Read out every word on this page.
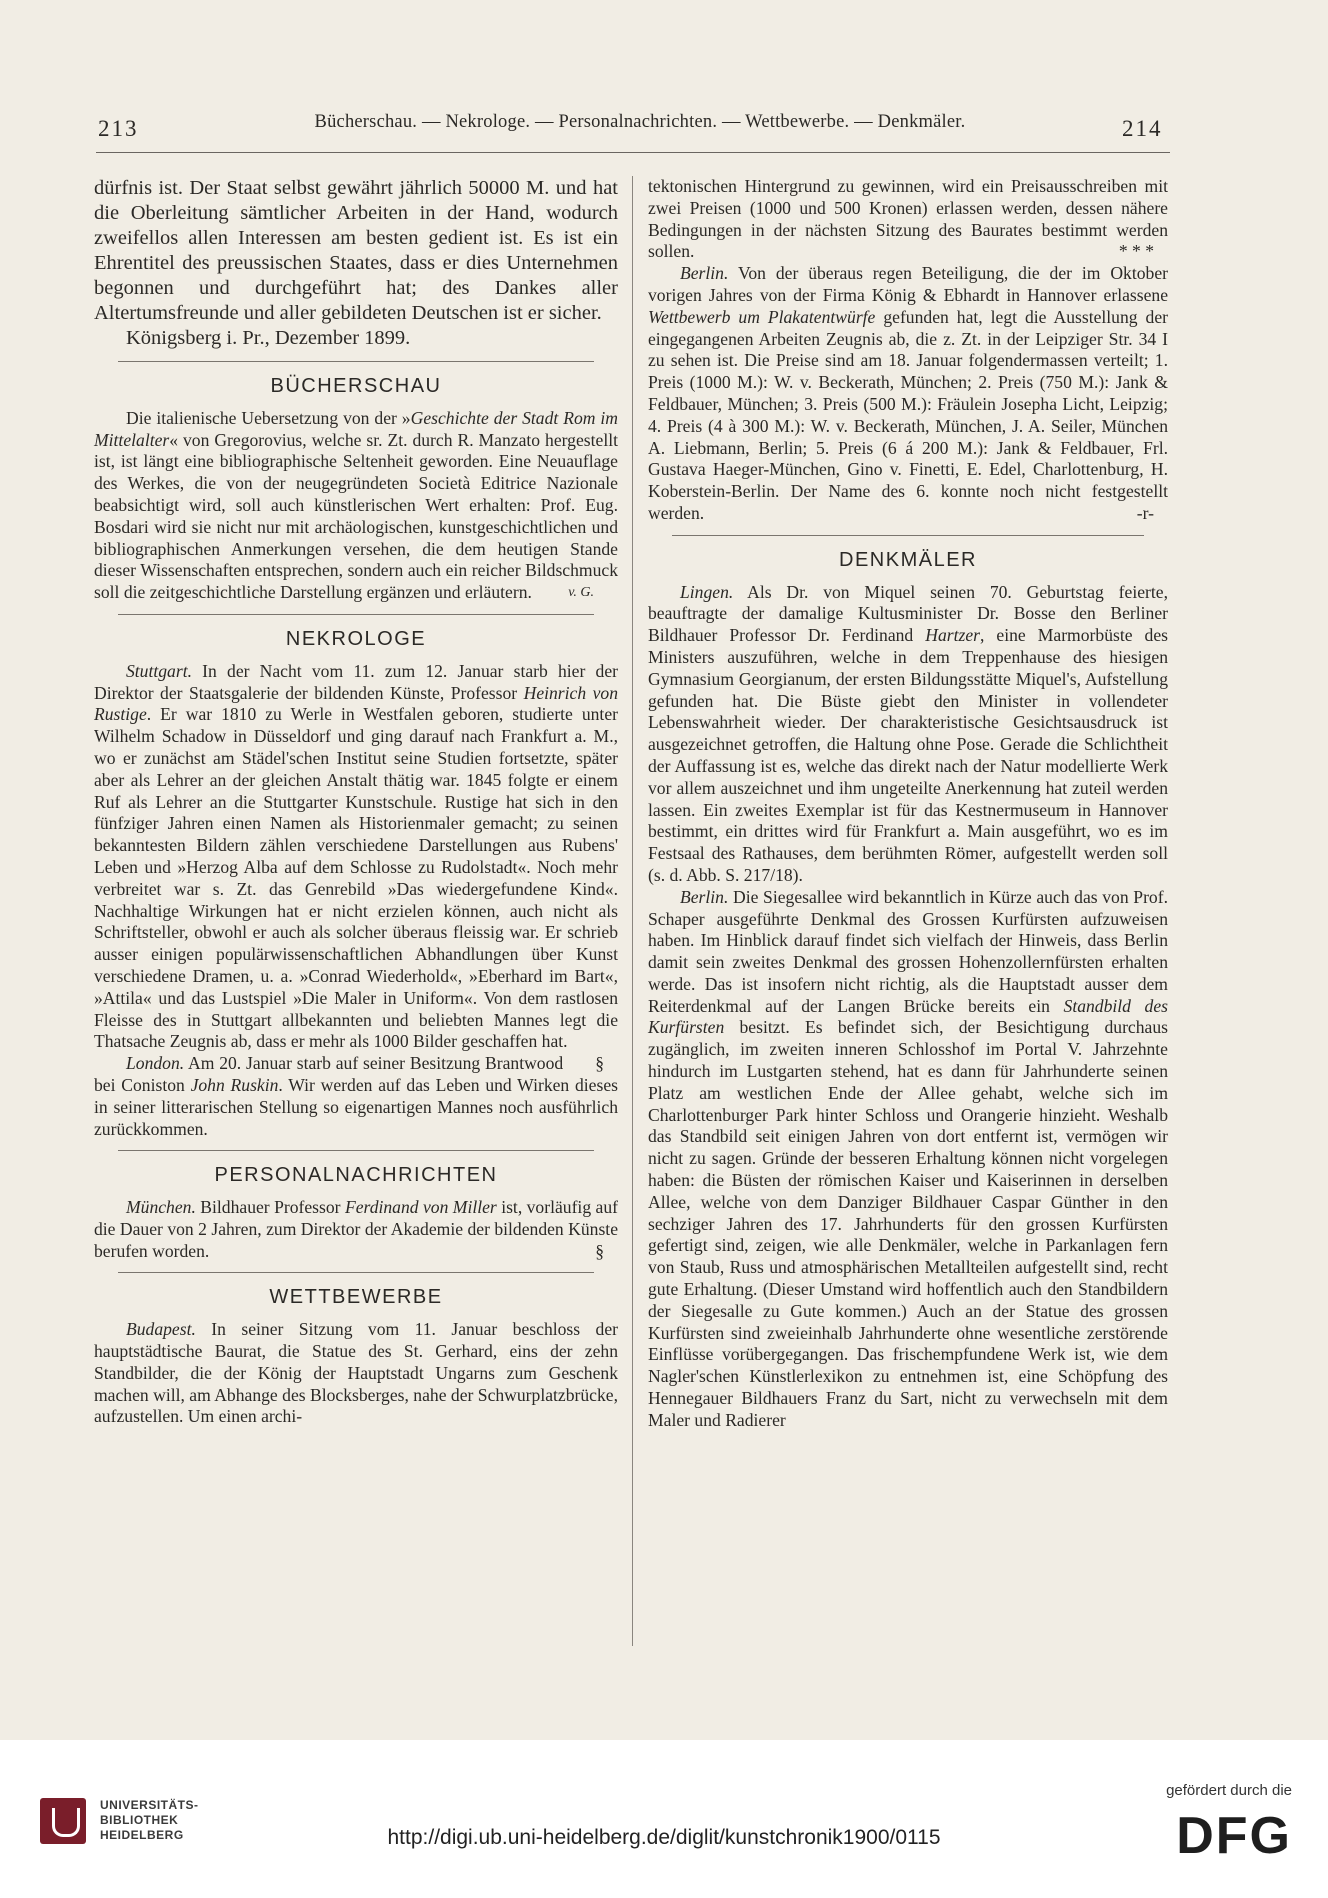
213	Bücherschau. — Nekrologe. — Personalnachrichten. — Wettbewerbe. — Denkmäler.	214

dürfnis ist. Der Staat selbst gewährt jährlich 50000 M. und hat die Oberleitung sämtlicher Arbeiten in der Hand, wodurch zweifellos allen Interessen am besten gedient ist. Es ist ein Ehrentitel des preussischen Staates, dass er dies Unternehmen begonnen und durchgeführt hat; des Dankes aller Altertumsfreunde und aller gebildeten Deutschen ist er sicher.

Königsberg i. Pr., Dezember 1899.

BÜCHERSCHAU

Die italienische Uebersetzung von der »Geschichte der Stadt Rom im Mittelalter« von Gregorovius, welche sr. Zt. durch R. Manzato hergestellt ist, ist längt eine bibliographische Seltenheit geworden. Eine Neuauflage des Werkes, die von der neugegründeten Società Editrice Nazionale beabsichtigt wird, soll auch künstlerischen Wert erhalten: Prof. Eug. Bosdari wird sie nicht nur mit archäologischen, kunstgeschichtlichen und bibliographischen Anmerkungen versehen, die dem heutigen Stande dieser Wissenschaften entsprechen, sondern auch ein reicher Bildschmuck soll die zeitgeschichtliche Darstellung ergänzen und erläutern.	v. G.

NEKROLOGE

Stuttgart. In der Nacht vom 11. zum 12. Januar starb hier der Direktor der Staatsgalerie der bildenden Künste, Professor Heinrich von Rustige. Er war 1810 zu Werle in Westfalen geboren, studierte unter Wilhelm Schadow in Düsseldorf und ging darauf nach Frankfurt a. M., wo er zunächst am Städel'schen Institut seine Studien fortsetzte, später aber als Lehrer an der gleichen Anstalt thätig war. 1845 folgte er einem Ruf als Lehrer an die Stuttgarter Kunstschule. Rustige hat sich in den fünfziger Jahren einen Namen als Historienmaler gemacht; zu seinen bekanntesten Bildern zählen verschiedene Darstellungen aus Rubens' Leben und »Herzog Alba auf dem Schlosse zu Rudolstadt«. Noch mehr verbreitet war s. Zt. das Genrebild »Das wiedergefundene Kind«. Nachhaltige Wirkungen hat er nicht erzielen können, auch nicht als Schriftsteller, obwohl er auch als solcher überaus fleissig war. Er schrieb ausser einigen populärwissenschaftlichen Abhandlungen über Kunst verschiedene Dramen, u. a. »Conrad Wiederhold«, »Eberhard im Bart«, »Attila« und das Lustspiel »Die Maler in Uniform«. Von dem rastlosen Fleisse des in Stuttgart allbekannten und beliebten Mannes legt die Thatsache Zeugnis ab, dass er mehr als 1000 Bilder geschaffen hat.
§

London. Am 20. Januar starb auf seiner Besitzung Brantwood bei Coniston John Ruskin. Wir werden auf das Leben und Wirken dieses in seiner litterarischen Stellung so eigenartigen Mannes noch ausführlich zurückkommen.

PERSONALNACHRICHTEN

München. Bildhauer Professor Ferdinand von Miller ist, vorläufig auf die Dauer von 2 Jahren, zum Direktor der Akademie der bildenden Künste berufen worden.	§

WETTBEWERBE

Budapest. In seiner Sitzung vom 11. Januar beschloss der hauptstädtische Baurat, die Statue des St. Gerhard, eins der zehn Standbilder, die der König der Hauptstadt Ungarns zum Geschenk machen will, am Abhange des Blocksberges, nahe der Schwurplatzbrücke, aufzustellen. Um einen archi-

tektonischen Hintergrund zu gewinnen, wird ein Preisausschreiben mit zwei Preisen (1000 und 500 Kronen) erlassen werden, dessen nähere Bedingungen in der nächsten Sitzung des Baurates bestimmt werden sollen.	* * *

Berlin. Von der überaus regen Beteiligung, die der im Oktober vorigen Jahres von der Firma König & Ebhardt in Hannover erlassene Wettbewerb um Plakatentwürfe gefunden hat, legt die Ausstellung der eingegangenen Arbeiten Zeugnis ab, die z. Zt. in der Leipziger Str. 34 I zu sehen ist. Die Preise sind am 18. Januar folgendermassen verteilt; 1. Preis (1000 M.): W. v. Beckerath, München; 2. Preis (750 M.): Jank & Feldbauer, München; 3. Preis (500 M.): Fräulein Josepha Licht, Leipzig; 4. Preis (4 à 300 M.): W. v. Beckerath, München, J. A. Seiler, München A. Liebmann, Berlin; 5. Preis (6 á 200 M.): Jank & Feldbauer, Frl. Gustava Haeger-München, Gino v. Finetti, E. Edel, Charlottenburg, H. Koberstein-Berlin. Der Name des 6. konnte noch nicht festgestellt werden.	-r-

DENKMÄLER

Lingen. Als Dr. von Miquel seinen 70. Geburtstag feierte, beauftragte der damalige Kultusminister Dr. Bosse den Berliner Bildhauer Professor Dr. Ferdinand Hartzer, eine Marmorbüste des Ministers auszuführen, welche in dem Treppenhause des hiesigen Gymnasium Georgianum, der ersten Bildungsstätte Miquel's, Aufstellung gefunden hat. Die Büste giebt den Minister in vollendeter Lebenswahrheit wieder. Der charakteristische Gesichtsausdruck ist ausgezeichnet getroffen, die Haltung ohne Pose. Gerade die Schlichtheit der Auffassung ist es, welche das direkt nach der Natur modellierte Werk vor allem auszeichnet und ihm ungeteilte Anerkennung hat zuteil werden lassen. Ein zweites Exemplar ist für das Kestnermuseum in Hannover bestimmt, ein drittes wird für Frankfurt a. Main ausgeführt, wo es im Festsaal des Rathauses, dem berühmten Römer, aufgestellt werden soll (s. d. Abb. S. 217/18).

Berlin. Die Siegesallee wird bekanntlich in Kürze auch das von Prof. Schaper ausgeführte Denkmal des Grossen Kurfürsten aufzuweisen haben. Im Hinblick darauf findet sich vielfach der Hinweis, dass Berlin damit sein zweites Denkmal des grossen Hohenzollernfürsten erhalten werde. Das ist insofern nicht richtig, als die Hauptstadt ausser dem Reiterdenkmal auf der Langen Brücke bereits ein Standbild des Kurfürsten besitzt. Es befindet sich, der Besichtigung durchaus zugänglich, im zweiten inneren Schlosshof im Portal V. Jahrzehnte hindurch im Lustgarten stehend, hat es dann für Jahrhunderte seinen Platz am westlichen Ende der Allee gehabt, welche sich im Charlottenburger Park hinter Schloss und Orangerie hinzieht. Weshalb das Standbild seit einigen Jahren von dort entfernt ist, vermögen wir nicht zu sagen. Gründe der besseren Erhaltung können nicht vorgelegen haben: die Büsten der römischen Kaiser und Kaiserinnen in derselben Allee, welche von dem Danziger Bildhauer Caspar Günther in den sechziger Jahren des 17. Jahrhunderts für den grossen Kurfürsten gefertigt sind, zeigen, wie alle Denkmäler, welche in Parkanlagen fern von Staub, Russ und atmosphärischen Metallteilen aufgestellt sind, recht gute Erhaltung. (Dieser Umstand wird hoffentlich auch den Standbildern der Siegesalle zu Gute kommen.) Auch an der Statue des grossen Kurfürsten sind zweieinhalb Jahrhunderte ohne wesentliche zerstörende Einflüsse vorübergegangen. Das frischempfundene Werk ist, wie dem Nagler'schen Künstlerlexikon zu entnehmen ist, eine Schöpfung des Hennegauer Bildhauers Franz du Sart, nicht zu verwechseln mit dem Maler und Radierer

UNIVERSITÄTS-
BIBLIOTHEK
HEIDELBERG	http://digi.ub.uni-heidelberg.de/diglit/kunstchronik1900/0115
gefördert durch die
DFG
